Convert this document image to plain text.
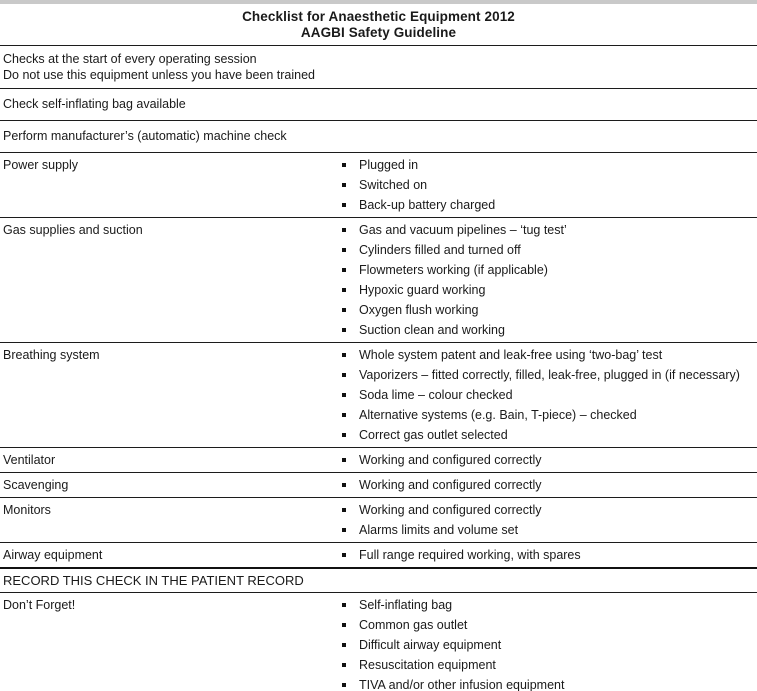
Checklist for Anaesthetic Equipment 2012
AAGBI Safety Guideline
Checks at the start of every operating session
Do not use this equipment unless you have been trained
Check self-inflating bag available
Perform manufacturer’s (automatic) machine check
Power supply	Plugged in
Switched on
Back-up battery charged
Gas supplies and suction	Gas and vacuum pipelines – ‘tug test’
Cylinders filled and turned off
Flowmeters working (if applicable)
Hypoxic guard working
Oxygen flush working
Suction clean and working
Breathing system	Whole system patent and leak-free using ‘two-bag’ test
Vaporizers – fitted correctly, filled, leak-free, plugged in (if necessary)
Soda lime – colour checked
Alternative systems (e.g. Bain, T-piece) – checked
Correct gas outlet selected
Ventilator	Working and configured correctly
Scavenging	Working and configured correctly
Monitors	Working and configured correctly
Alarms limits and volume set
Airway equipment	Full range required working, with spares
RECORD THIS CHECK IN THE PATIENT RECORD
Don’t Forget!	Self-inflating bag
Common gas outlet
Difficult airway equipment
Resuscitation equipment
TIVA and/or other infusion equipment
